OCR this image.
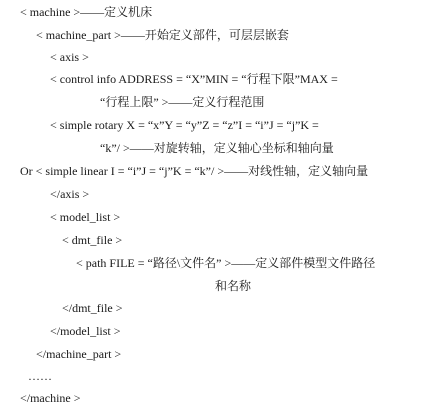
< machine >——定义机床
< machine_part >——开始定义部件，可层层嵌套
< axis >
< control info ADDRESS = “X”MIN = “行程下限”MAX =
“行程上限” >——定义行程范围
< simple rotary X = “x”Y = “y”Z = “z”I = “i”J = “j”K =
“k”/ >——对旋转轴，定义轴心坐标和轴向量
Or < simple linear I = “i”J = “j”K = “k”/ >——对线性轴，定义轴向量
</axis >
< model_list >
< dmt_file >
< path FILE = “路径\文件名” >——定义部件模型文件路径
和名称
</dmt_file >
</model_list >
</machine_part >
……
</machine >
